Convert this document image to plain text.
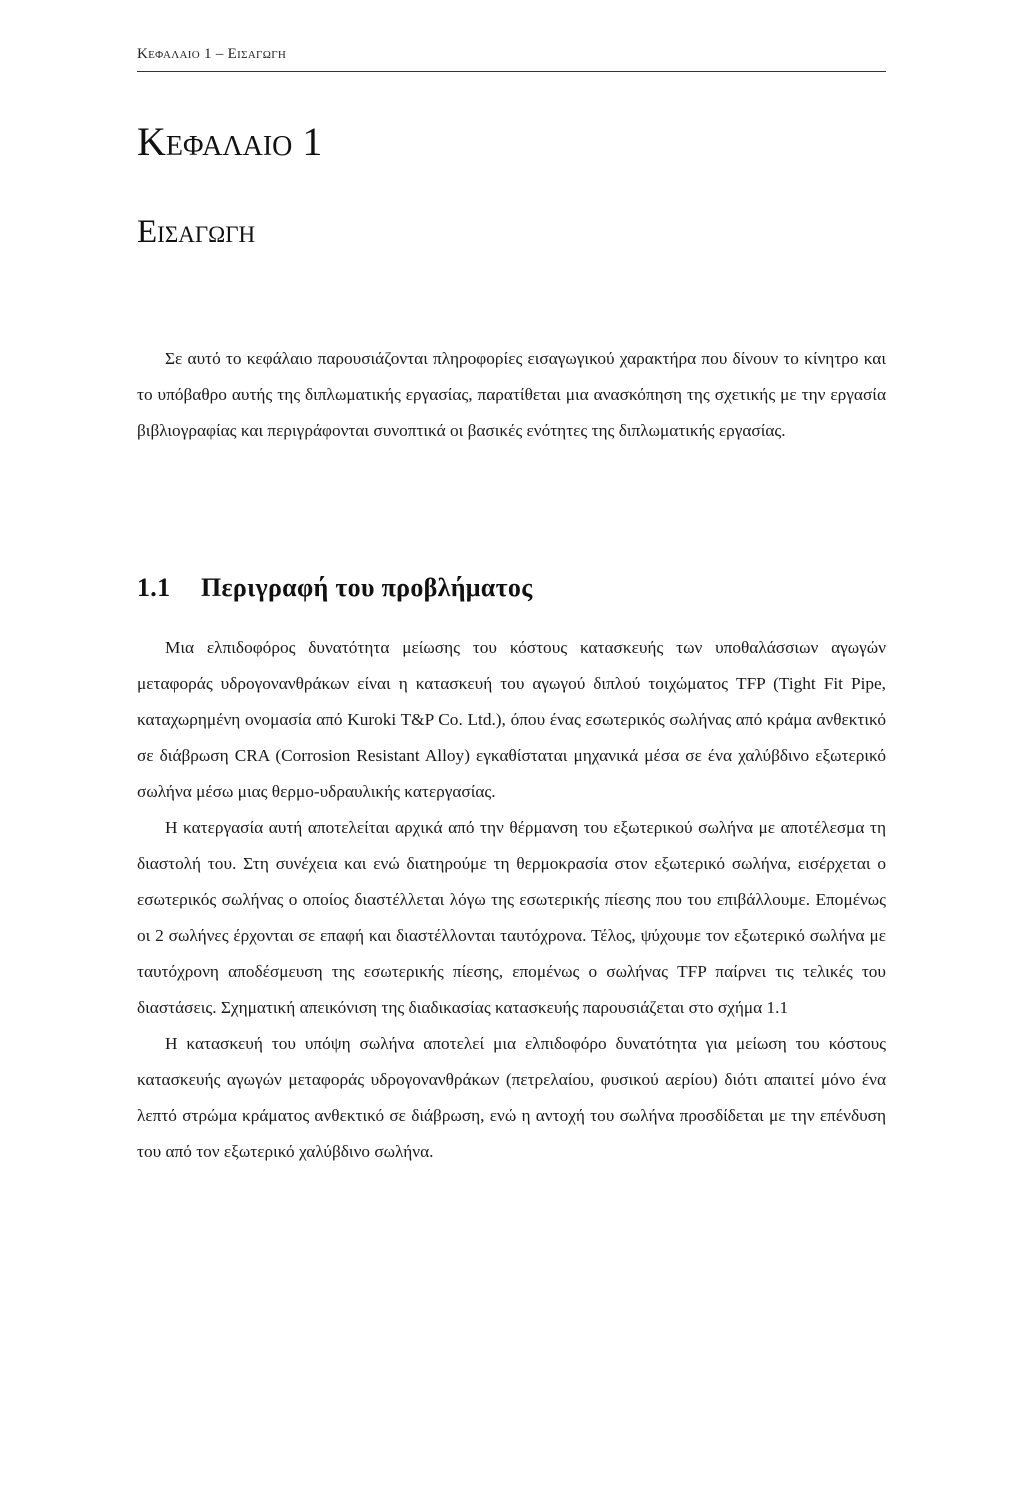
Κεφαλαιο 1 – Εισαγωγη
Κεφαλαιο 1
Εισαγωγη

Σε αυτό το κεφάλαιο παρουσιάζονται πληροφορίες εισαγωγικού χαρακτήρα που δίνουν το κίνητρο και το υπόβαθρο αυτής της διπλωματικής εργασίας, παρατίθεται μια ανασκόπηση της σχετικής με την εργασία βιβλιογραφίας και περιγράφονται συνοπτικά οι βασικές ενότητες της διπλωματικής εργασίας.

1.1 Περιγραφή του προβλήματος

Μια ελπιδοφόρος δυνατότητα μείωσης του κόστους κατασκευής των υποθαλάσσιων αγωγών μεταφοράς υδρογονανθράκων είναι η κατασκευή του αγωγού διπλού τοιχώματος TFP (Tight Fit Pipe, καταχωρημένη ονομασία από Kuroki T&P Co. Ltd.), όπου ένας εσωτερικός σωλήνας από κράμα ανθεκτικό σε διάβρωση CRA (Corrosion Resistant Alloy) εγκαθίσταται μηχανικά μέσα σε ένα χαλύβδινο εξωτερικό σωλήνα μέσω μιας θερμο-υδραυλικής κατεργασίας.

Η κατεργασία αυτή αποτελείται αρχικά από την θέρμανση του εξωτερικού σωλήνα με αποτέλεσμα τη διαστολή του. Στη συνέχεια και ενώ διατηρούμε τη θερμοκρασία στον εξωτερικό σωλήνα, εισέρχεται ο εσωτερικός σωλήνας ο οποίος διαστέλλεται λόγω της εσωτερικής πίεσης που του επιβάλλουμε. Επομένως οι 2 σωλήνες έρχονται σε επαφή και διαστέλλονται ταυτόχρονα. Τέλος, ψύχουμε τον εξωτερικό σωλήνα με ταυτόχρονη αποδέσμευση της εσωτερικής πίεσης, επομένως ο σωλήνας TFP παίρνει τις τελικές του διαστάσεις. Σχηματική απεικόνιση της διαδικασίας κατασκευής παρουσιάζεται στο σχήμα 1.1

Η κατασκευή του υπόψη σωλήνα αποτελεί μια ελπιδοφόρο δυνατότητα για μείωση του κόστους κατασκευής αγωγών μεταφοράς υδρογονανθράκων (πετρελαίου, φυσικού αερίου) διότι απαιτεί μόνο ένα λεπτό στρώμα κράματος ανθεκτικό σε διάβρωση, ενώ η αντοχή του σωλήνα προσδίδεται με την επένδυση του από τον εξωτερικό χαλύβδινο σωλήνα.
